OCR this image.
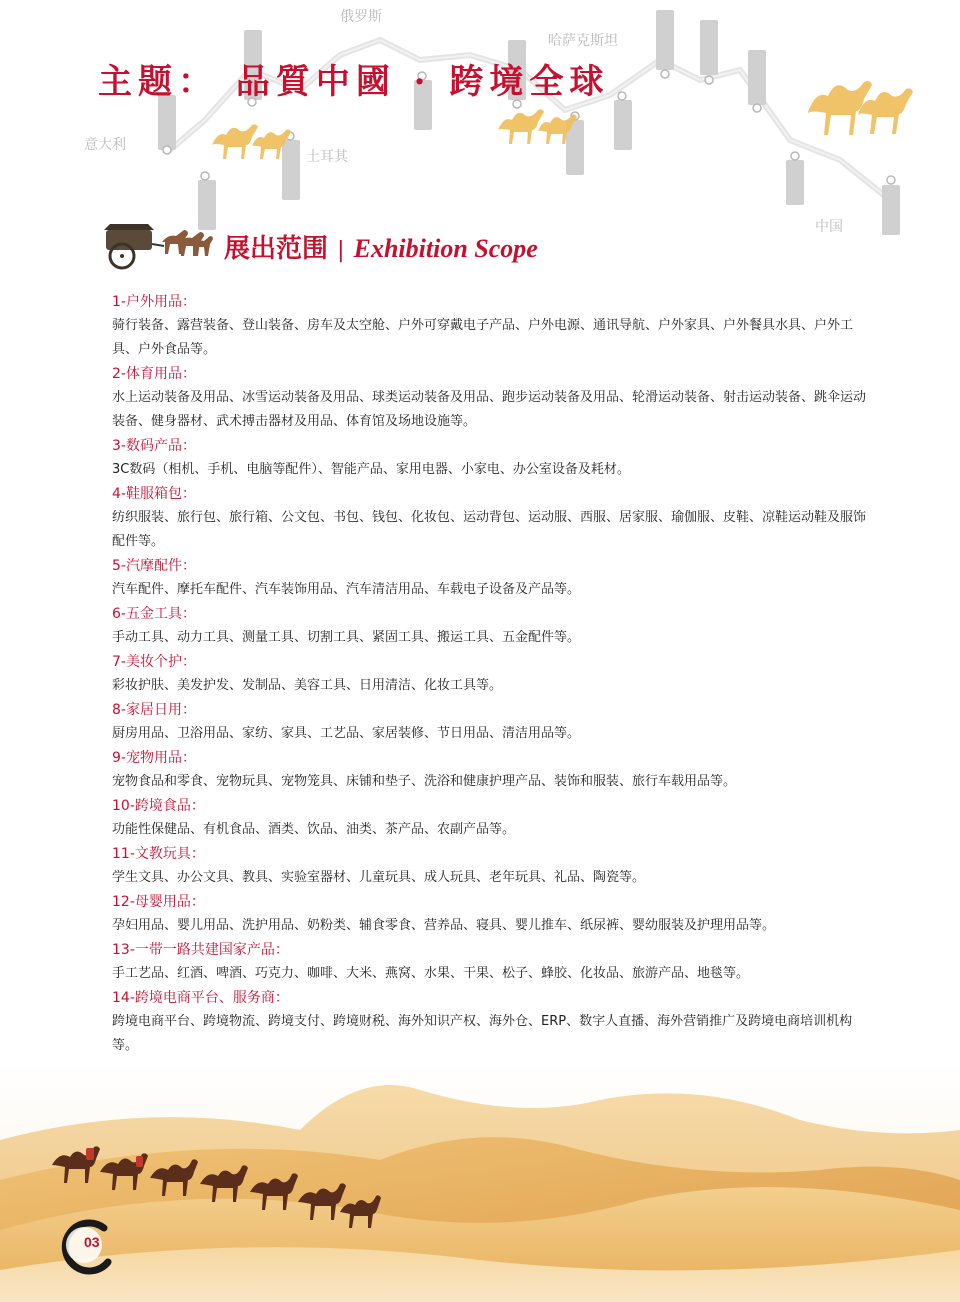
俄罗斯
哈萨克斯坦
意大利
土耳其
中国
主题： 品質中國 · 跨境全球
展出范围 | Exhibition Scope
1-户外用品：
骑行装备、露营装备、登山装备、房车及太空舱、户外可穿戴电子产品、户外电源、通讯导航、户外家具、户外餐具水具、户外工具、户外食品等。
2-体育用品：
水上运动装备及用品、冰雪运动装备及用品、球类运动装备及用品、跑步运动装备及用品、轮滑运动装备、射击运动装备、跳伞运动装备、健身器材、武术搏击器材及用品、体育馆及场地设施等。
3-数码产品：
3C数码（相机、手机、电脑等配件）、智能产品、家用电器、小家电、办公室设备及耗材。
4-鞋服箱包：
纺织服装、旅行包、旅行箱、公文包、书包、钱包、化妆包、运动背包、运动服、西服、居家服、瑜伽服、皮鞋、凉鞋运动鞋及服饰配件等。
5-汽摩配件：
汽车配件、摩托车配件、汽车装饰用品、汽车清洁用品、车载电子设备及产品等。
6-五金工具：
手动工具、动力工具、测量工具、切割工具、紧固工具、搬运工具、五金配件等。
7-美妆个护：
彩妆护肤、美发护发、发制品、美容工具、日用清洁、化妆工具等。
8-家居日用：
厨房用品、卫浴用品、家纺、家具、工艺品、家居装修、节日用品、清洁用品等。
9-宠物用品：
宠物食品和零食、宠物玩具、宠物笼具、床铺和垫子、洗浴和健康护理产品、装饰和服装、旅行车载用品等。
10-跨境食品：
功能性保健品、有机食品、酒类、饮品、油类、茶产品、农副产品等。
11-文教玩具：
学生文具、办公文具、教具、实验室器材、儿童玩具、成人玩具、老年玩具、礼品、陶瓷等。
12-母婴用品：
孕妇用品、婴儿用品、洗护用品、奶粉类、辅食零食、营养品、寝具、婴儿推车、纸尿裤、婴幼服装及护理用品等。
13-一带一路共建国家产品：
手工艺品、红酒、啤酒、巧克力、咖啡、大米、燕窝、水果、干果、松子、蜂胶、化妆品、旅游产品、地毯等。
14-跨境电商平台、服务商：
跨境电商平台、跨境物流、跨境支付、跨境财税、海外知识产权、海外仓、ERP、数字人直播、海外营销推广及跨境电商培训机构等。
03
